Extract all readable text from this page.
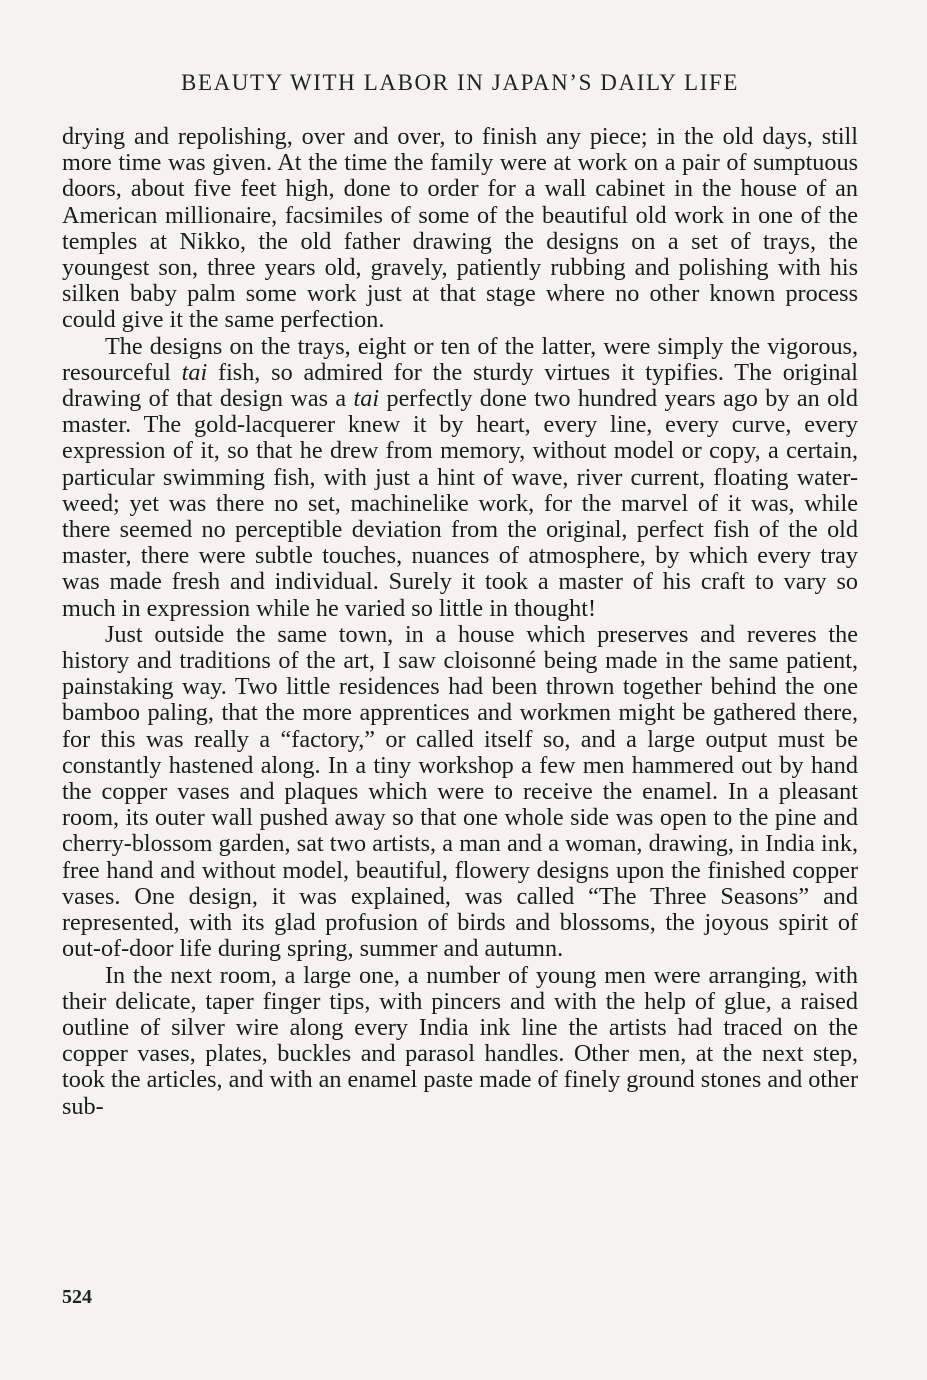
BEAUTY WITH LABOR IN JAPAN’S DAILY LIFE

drying and repolishing, over and over, to finish any piece; in the old days, still more time was given. At the time the family were at work on a pair of sumptuous doors, about five feet high, done to order for a wall cabinet in the house of an American millionaire, facsimiles of some of the beautiful old work in one of the temples at Nikko, the old father drawing the designs on a set of trays, the youngest son, three years old, gravely, patiently rubbing and polishing with his silken baby palm some work just at that stage where no other known process could give it the same perfection.

The designs on the trays, eight or ten of the latter, were simply the vigorous, resourceful tai fish, so admired for the sturdy virtues it typifies. The original drawing of that design was a tai perfectly done two hundred years ago by an old master. The gold-lacquerer knew it by heart, every line, every curve, every expression of it, so that he drew from memory, without model or copy, a certain, particular swimming fish, with just a hint of wave, river current, floating water-weed; yet was there no set, machinelike work, for the marvel of it was, while there seemed no perceptible deviation from the original, perfect fish of the old master, there were subtle touches, nuances of atmosphere, by which every tray was made fresh and individual. Surely it took a master of his craft to vary so much in expression while he varied so little in thought!

Just outside the same town, in a house which preserves and reveres the history and traditions of the art, I saw cloisonné being made in the same patient, painstaking way. Two little residences had been thrown together behind the one bamboo paling, that the more apprentices and workmen might be gathered there, for this was really a “factory,” or called itself so, and a large output must be constantly hastened along. In a tiny workshop a few men hammered out by hand the copper vases and plaques which were to receive the enamel. In a pleasant room, its outer wall pushed away so that one whole side was open to the pine and cherry-blossom garden, sat two artists, a man and a woman, drawing, in India ink, free hand and without model, beautiful, flowery designs upon the finished copper vases. One design, it was explained, was called “The Three Seasons” and represented, with its glad profusion of birds and blossoms, the joyous spirit of out-of-door life during spring, summer and autumn.

In the next room, a large one, a number of young men were arranging, with their delicate, taper finger tips, with pincers and with the help of glue, a raised outline of silver wire along every India ink line the artists had traced on the copper vases, plates, buckles and parasol handles. Other men, at the next step, took the articles, and with an enamel paste made of finely ground stones and other sub-

524
